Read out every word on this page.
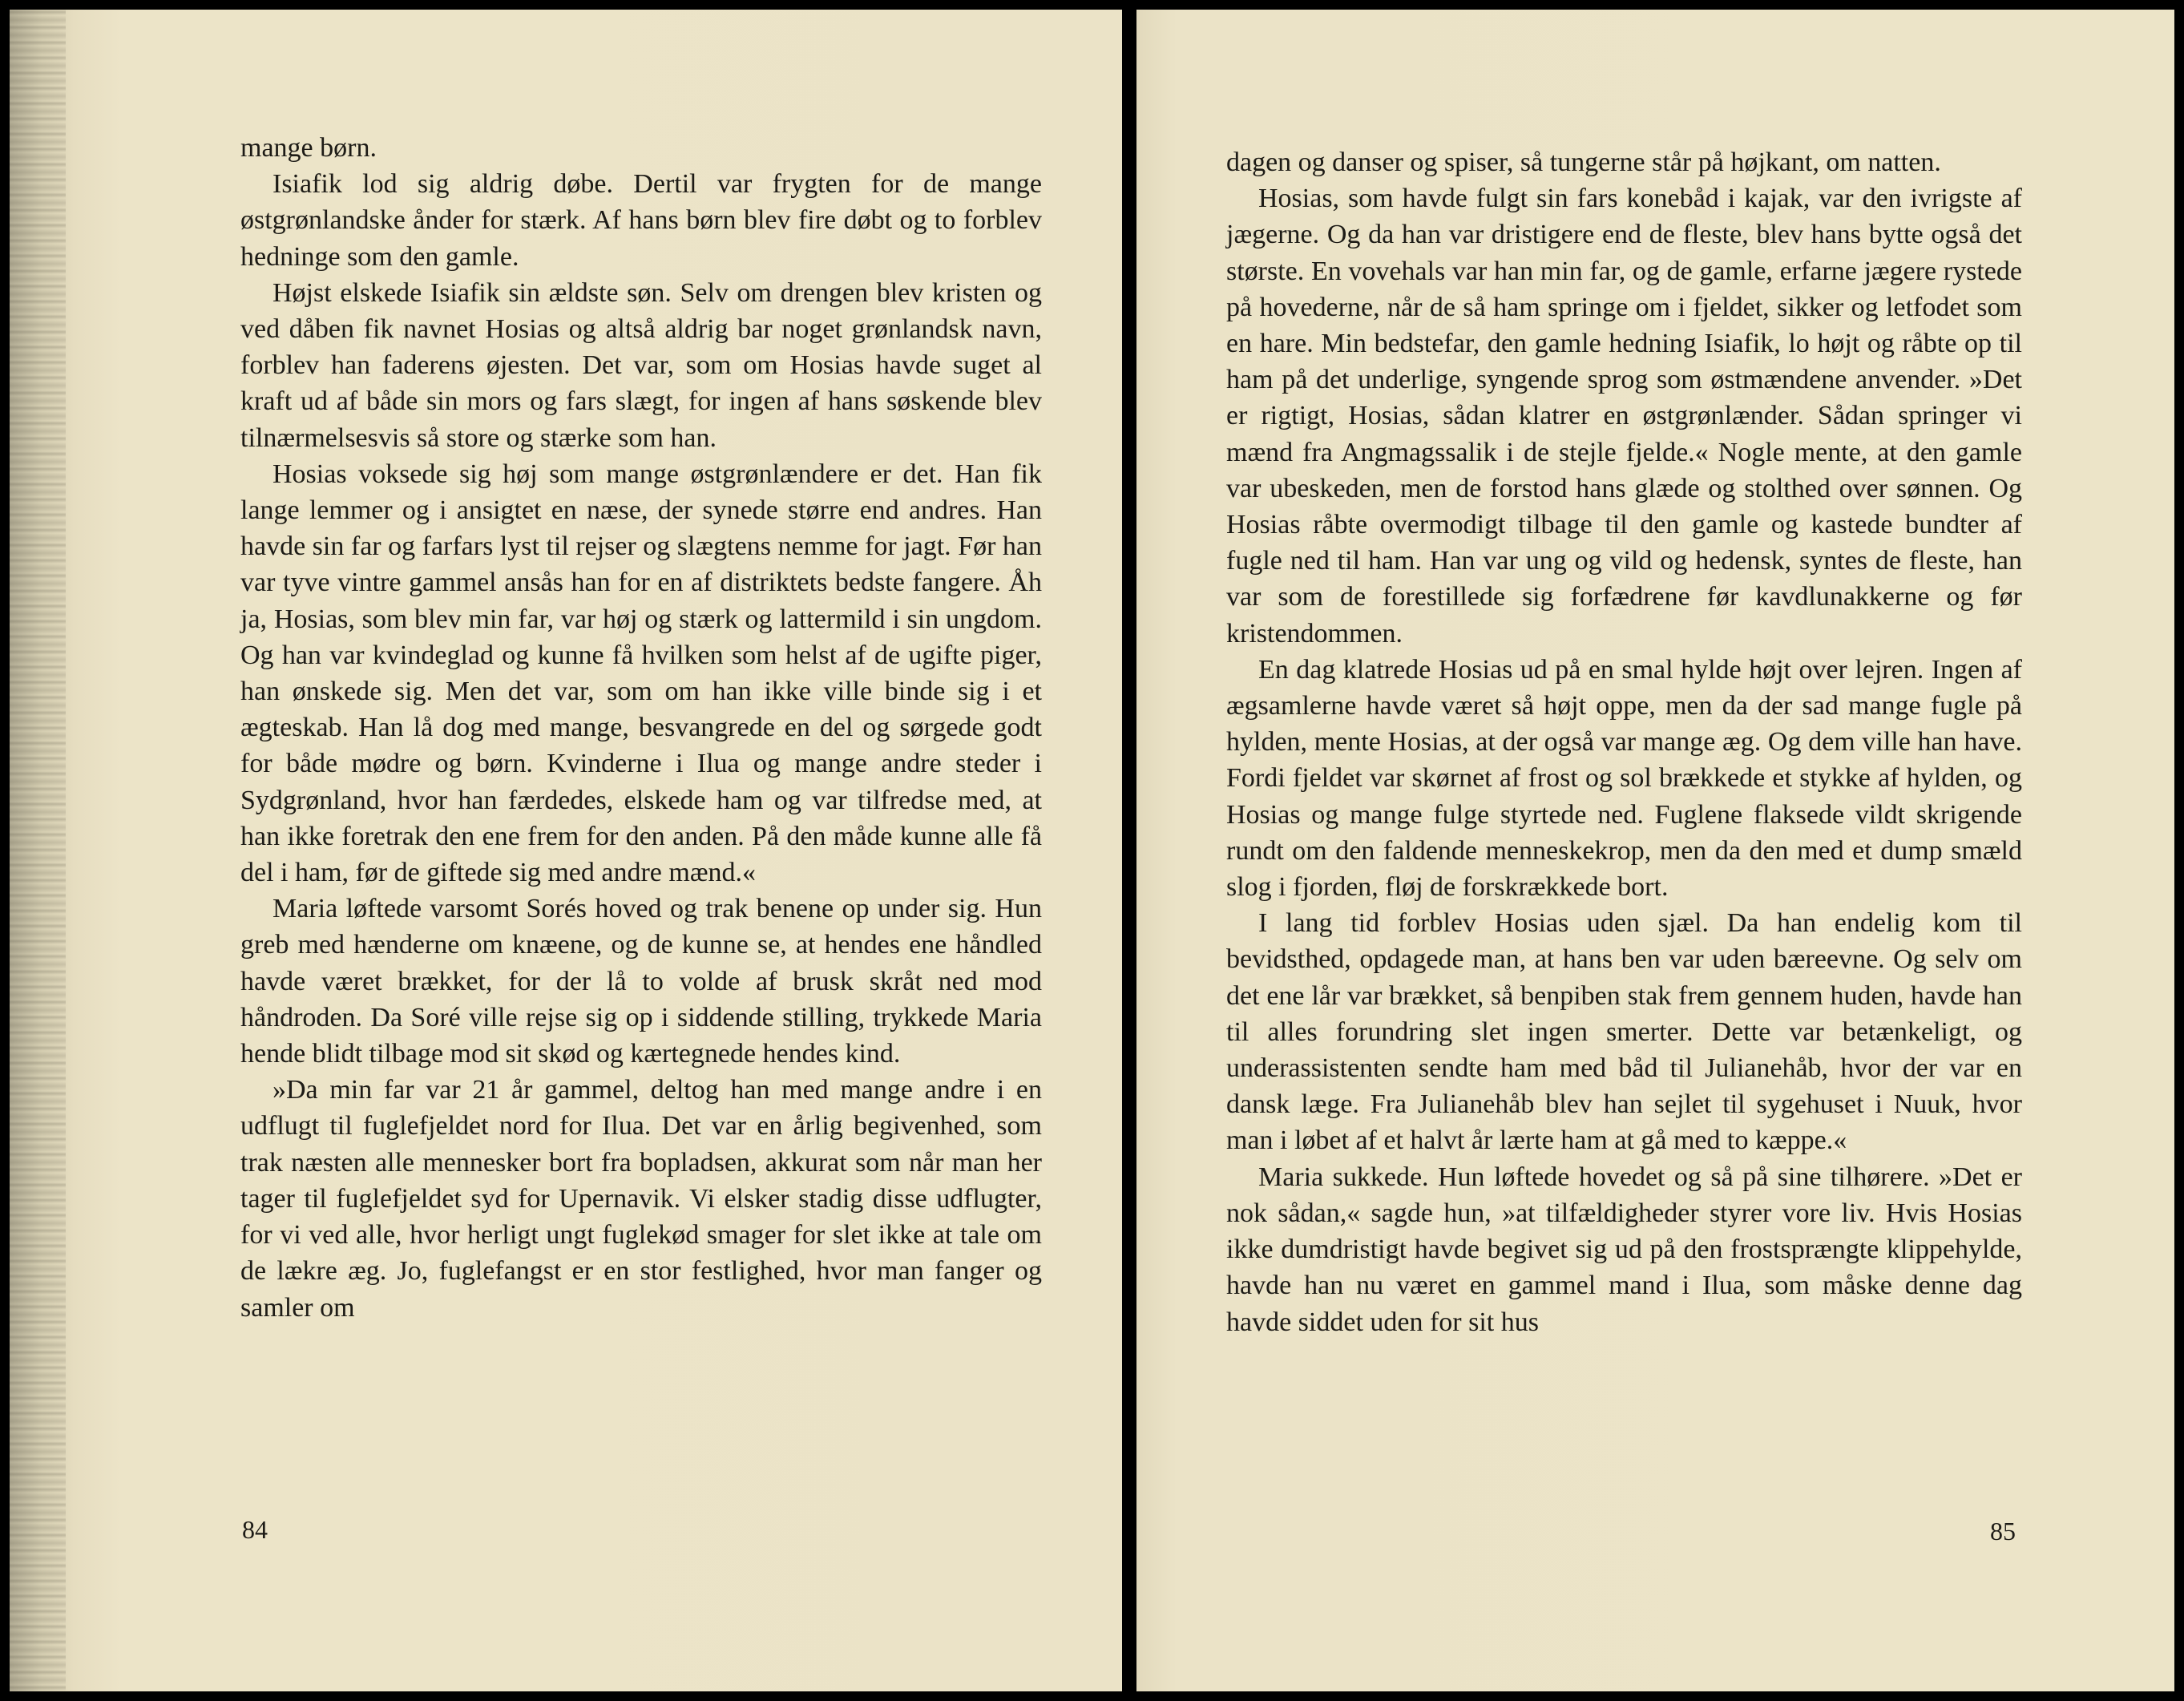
mange børn.

Isiafik lod sig aldrig døbe. Dertil var frygten for de mange østgrønlandske ånder for stærk. Af hans børn blev fire døbt og to forblev hedninge som den gamle.

Højst elskede Isiafik sin ældste søn. Selv om drengen blev kristen og ved dåben fik navnet Hosias og altså aldrig bar noget grønlandsk navn, forblev han faderens øjesten. Det var, som om Hosias havde suget al kraft ud af både sin mors og fars slægt, for ingen af hans søskende blev tilnærmelsesvis så store og stærke som han.

Hosias voksede sig høj som mange østgrønlændere er det. Han fik lange lemmer og i ansigtet en næse, der synede større end andres. Han havde sin far og farfars lyst til rejser og slægtens nemme for jagt. Før han var tyve vintre gammel ansås han for en af distriktets bedste fangere. Åh ja, Hosias, som blev min far, var høj og stærk og lattermild i sin ungdom. Og han var kvindeglad og kunne få hvilken som helst af de ugifte piger, han ønskede sig. Men det var, som om han ikke ville binde sig i et ægteskab. Han lå dog med mange, besvangrede en del og sørgede godt for både mødre og børn. Kvinderne i Ilua og mange andre steder i Sydgrønland, hvor han færdedes, elskede ham og var tilfredse med, at han ikke foretrak den ene frem for den anden. På den måde kunne alle få del i ham, før de giftede sig med andre mænd.«

Maria løftede varsomt Sorés hoved og trak benene op under sig. Hun greb med hænderne om knæene, og de kunne se, at hendes ene håndled havde været brækket, for der lå to volde af brusk skråt ned mod håndroden. Da Soré ville rejse sig op i siddende stilling, trykkede Maria hende blidt tilbage mod sit skød og kærtegnede hendes kind.

»Da min far var 21 år gammel, deltog han med mange andre i en udflugt til fuglefjeldet nord for Ilua. Det var en årlig begivenhed, som trak næsten alle mennesker bort fra bopladsen, akkurat som når man her tager til fuglefjeldet syd for Upernavik. Vi elsker stadig disse udflugter, for vi ved alle, hvor herligt ungt fuglekød smager for slet ikke at tale om de lækre æg. Jo, fuglefangst er en stor festlighed, hvor man fanger og samler om

84

dagen og danser og spiser, så tungerne står på højkant, om natten.

Hosias, som havde fulgt sin fars konebåd i kajak, var den ivrigste af jægerne. Og da han var dristigere end de fleste, blev hans bytte også det største. En vovehals var han min far, og de gamle, erfarne jægere rystede på hovederne, når de så ham springe om i fjeldet, sikker og letfodet som en hare. Min bedstefar, den gamle hedning Isiafik, lo højt og råbte op til ham på det underlige, syngende sprog som østmændene anvender. »Det er rigtigt, Hosias, sådan klatrer en østgrønlænder. Sådan springer vi mænd fra Angmagssalik i de stejle fjelde.« Nogle mente, at den gamle var ubeskeden, men de forstod hans glæde og stolthed over sønnen. Og Hosias råbte overmodigt tilbage til den gamle og kastede bundter af fugle ned til ham. Han var ung og vild og hedensk, syntes de fleste, han var som de forestillede sig forfædrene før kavdlunakkerne og før kristendommen.

En dag klatrede Hosias ud på en smal hylde højt over lejren. Ingen af ægsamlerne havde været så højt oppe, men da der sad mange fugle på hylden, mente Hosias, at der også var mange æg. Og dem ville han have. Fordi fjeldet var skørnet af frost og sol brækkede et stykke af hylden, og Hosias og mange fulge styrtede ned. Fuglene flaksede vildt skrigende rundt om den faldende menneskekrop, men da den med et dump smæld slog i fjorden, fløj de forskrækkede bort.

I lang tid forblev Hosias uden sjæl. Da han endelig kom til bevidsthed, opdagede man, at hans ben var uden bæreevne. Og selv om det ene lår var brækket, så benpiben stak frem gennem huden, havde han til alles forundring slet ingen smerter. Dette var betænkeligt, og underassistenten sendte ham med båd til Julianehåb, hvor der var en dansk læge. Fra Julianehåb blev han sejlet til sygehuset i Nuuk, hvor man i løbet af et halvt år lærte ham at gå med to kæppe.«

Maria sukkede. Hun løftede hovedet og så på sine tilhørere. »Det er nok sådan,« sagde hun, »at tilfældigheder styrer vore liv. Hvis Hosias ikke dumdristigt havde begivet sig ud på den frostsprængte klippehylde, havde han nu været en gammel mand i Ilua, som måske denne dag havde siddet uden for sit hus

85
